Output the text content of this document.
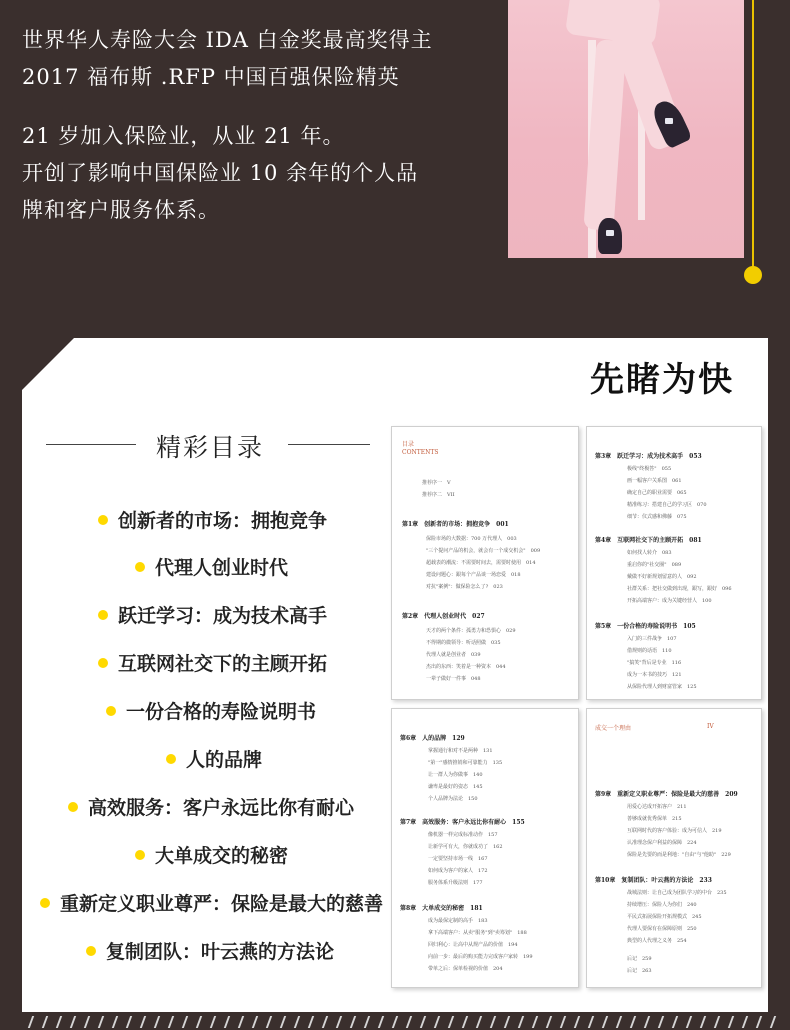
世界华人寿险大会 IDA 白金奖最高奖得主
2017 福布斯 .RFP 中国百强保险精英
21 岁加入保险业，从业 21 年。
开创了影响中国保险业 10 余年的个人品
牌和客户服务体系。
先睹为快
精彩目录
创新者的市场：拥抱竞争
代理人创业时代
跃迁学习：成为技术高手
互联网社交下的主顾开拓
一份合格的寿险说明书
人的品牌
高效服务：客户永远比你有耐心
大单成交的秘密
重新定义职业尊严：保险是最大的慈善
复制团队：叶云燕的方法论
目录
CONTENTS
推荐序一　V
推荐序二　VII
第1章　创新者的市场：拥抱竞争　001
保险市场的大数据：700 万代理人　003
"三个提问产品的机会，就会有一个成交机会"　009
超载表的潮流：不需要时间去，需要时使用　014
建设问题心：跟每个产品谈一场恋爱　018
对抗"案例"：做保险怎么了?　023
第2章　代理人创业时代　027
天才的两个条件：孤勇力和恐惧心　029
不得期的微领导：听话照做　035
代理人就是创业者　039
杰出的东西：笑着是一种资本　044
一辈子做好一件事　048
第3章　跃迁学习：成为技术高手　053
极线"终极答"　055
画一幅客户关系图　061
确定自己的职业需要　065
精准练习：搭建自己的学习区　070
细节：仪式感和佛藤　075
第4章　互联网社交下的主顾开拓　081
如何找人转介　083
重启你的"社交圈"　089
戴做不好新规划留意的人　092
社群关系：把社交做到出现，跟写，跟好　096
开拓高端客户：成为关键经营人　100
第5章　一份合格的寿险说明书　105
入门的三件战争　107
借规则的话语　110
"搞笑"背后是专业　116
成为一本书的技巧　121
从保险代理人到财富管家　125
第6章　人的品牌　129
掌握通行和对不是两种　131
"第一"感情推销和可靠能力　135
让一群人为你做事　140
谦卑是最好的姿态　145
个人品牌为法论　150
第7章　高效服务：客户永远比你有耐心　155
像机器一样完成标准动作　157
让新学可有大，你就成功了　162
一定要坚持市场一线　167
如何成为客户的家人　172
服务体系升级法则　177
第8章　大单成交的秘密　181
成为最保定制的高手　183
拿下高端客户：从卖"服务"到"卖筹划"　188
回归利心：让高中从规产品的价值　194
向前一步：最后的购买能力完成客户家转　199
带单之后：保单检视的价值　204
成交一个理由	IV
第9章　重新定义职业尊严：保险是最大的慈善　209
用爱心达成开拓客户　211
善够成就优秀保单　215
互联网时代的客户体验：成为可信人　219
认准理念保户利益的保障　224
保险是先要的而是利地："自由"与"他助"　229
第10章　复制团队：叶云燕的方法论　233
战城法则：让自己成为团队学习的中台　235
持续增压：保险人为你们　240
平民式拓展保险开拓规模式　245
代理人要保有在保障原则　250
典型的人代理之义务　254
后记　259
后记　263
